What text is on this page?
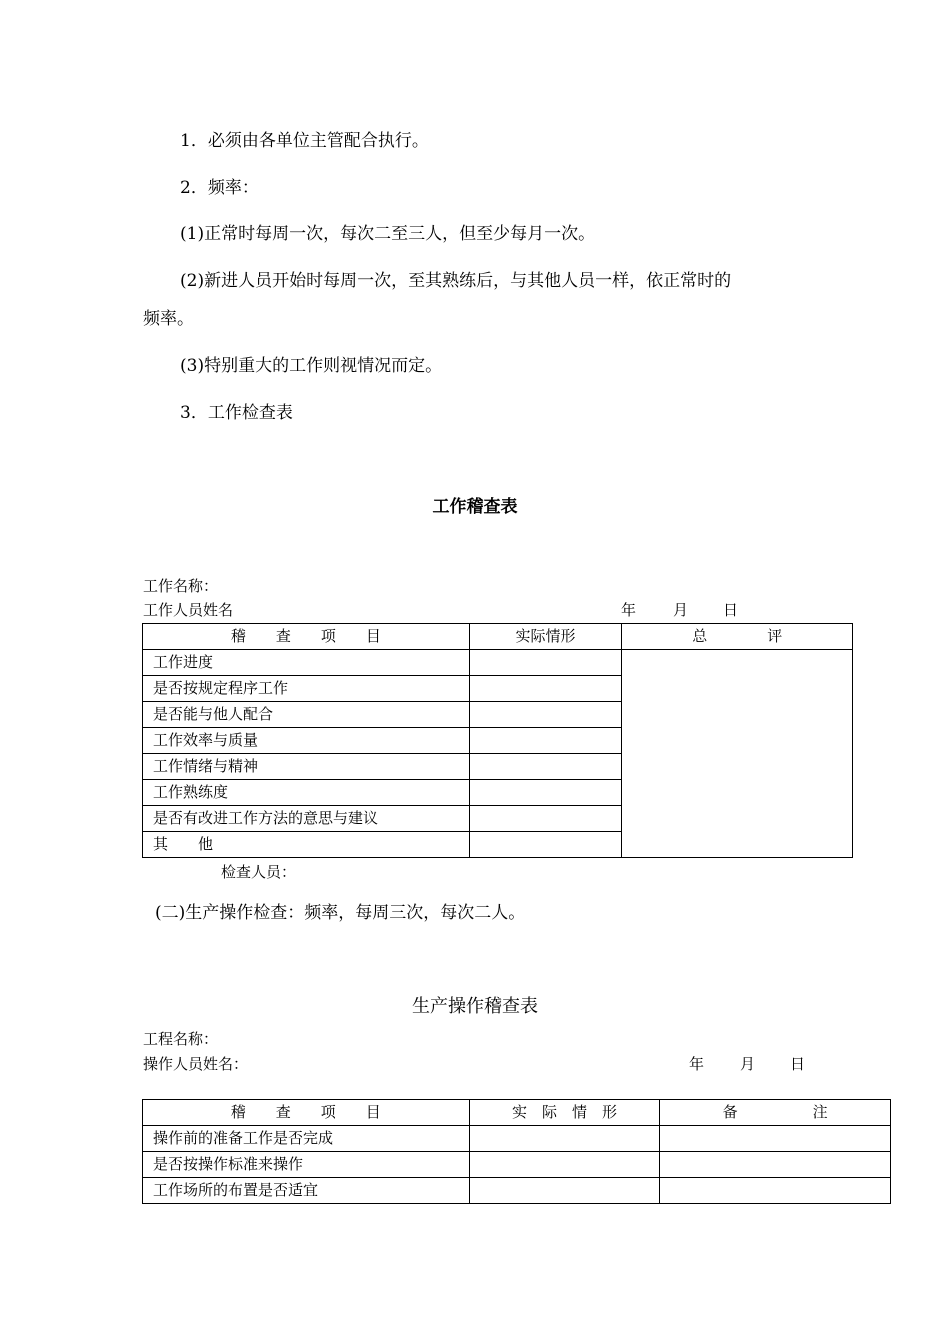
1．必须由各单位主管配合执行。
2．频率：
(1)正常时每周一次，每次二至三人，但至少每月一次。
(2)新进人员开始时每周一次，至其熟练后，与其他人员一样，依正常时的
频率。
(3)特别重大的工作则视情况而定。
3．工作检查表
工作稽查表
工作名称：
工作人员姓名	年 月 日
稽　　查　　项　　目	实际情形	总　　　　评
工作进度		
是否按规定程序工作		
是否能与他人配合		
工作效率与质量		
工作情绪与精神		
工作熟练度		
是否有改进工作方法的意思与建议		
其　　他		
检查人员：
(二)生产操作检查：频率，每周三次，每次二人。
生产操作稽查表
工程名称：
操作人员姓名：	年 月 日
稽　　查　　项　　目	实　际　情　形	备　　　　　注
操作前的准备工作是否完成		
是否按操作标准来操作		
工作场所的布置是否适宜		
